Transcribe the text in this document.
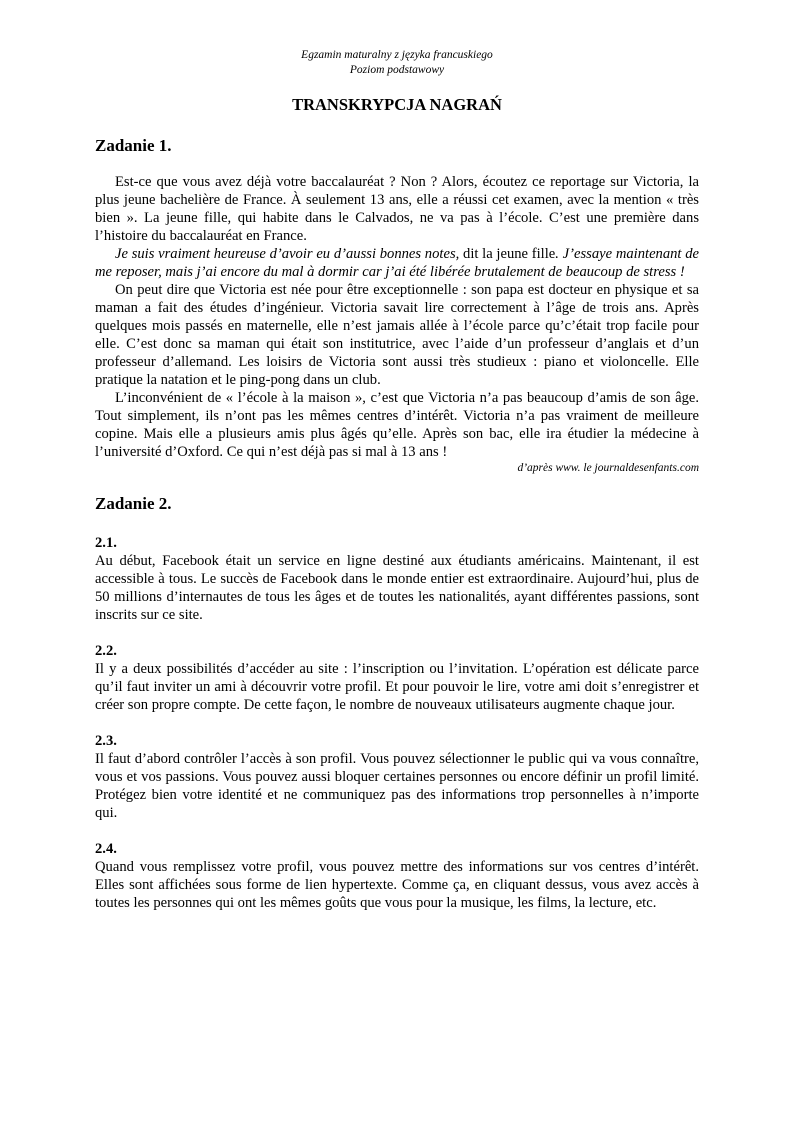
Egzamin maturalny z języka francuskiego
Poziom podstawowy
TRANSKRYPCJA NAGRAŃ
Zadanie 1.

Est-ce que vous avez déjà votre baccalauréat ? Non ? Alors, écoutez ce reportage sur Victoria, la plus jeune bachelière de France. À seulement 13 ans, elle a réussi cet examen, avec la mention « très bien ». La jeune fille, qui habite dans le Calvados, ne va pas à l’école. C’est une première dans l’histoire du baccalauréat en France.

Je suis vraiment heureuse d’avoir eu d’aussi bonnes notes, dit la jeune fille. J’essaye maintenant de me reposer, mais j’ai encore du mal à dormir car j’ai été libérée brutalement de beaucoup de stress !

On peut dire que Victoria est née pour être exceptionnelle : son papa est docteur en physique et sa maman a fait des études d’ingénieur. Victoria savait lire correctement à l’âge de trois ans. Après quelques mois passés en maternelle, elle n’est jamais allée à l’école parce qu’c’était trop facile pour elle. C’est donc sa maman qui était son institutrice, avec l’aide d’un professeur d’anglais et d’un professeur d’allemand. Les loisirs de Victoria sont aussi très studieux : piano et violoncelle. Elle pratique la natation et le ping-pong dans un club.

L’inconvénient de « l’école à la maison », c’est que Victoria n’a pas beaucoup d’amis de son âge. Tout simplement, ils n’ont pas les mêmes centres d’intérêt. Victoria n’a pas vraiment de meilleure copine. Mais elle a plusieurs amis plus âgés qu’elle. Après son bac, elle ira étudier la médecine à l’université d’Oxford. Ce qui n’est déjà pas si mal à 13 ans !

d’après www. le journaldesenfants.com
Zadanie 2.
2.1.

Au début, Facebook était un service en ligne destiné aux étudiants américains. Maintenant, il est accessible à tous. Le succès de Facebook dans le monde entier est extraordinaire. Aujourd’hui, plus de 50 millions d’internautes de tous les âges et de toutes les nationalités, ayant différentes passions, sont inscrits sur ce site.

2.2.

Il y a deux possibilités d’accéder au site : l’inscription ou l’invitation. L’opération est délicate parce qu’il faut inviter un ami à découvrir votre profil. Et pour pouvoir le lire, votre ami doit s’enregistrer et créer son propre compte. De cette façon, le nombre de nouveaux utilisateurs augmente chaque jour.

2.3.

Il faut d’abord contrôler l’accès à son profil. Vous pouvez sélectionner le public qui va vous connaître, vous et vos passions. Vous pouvez aussi bloquer certaines personnes ou encore définir un profil limité. Protégez bien votre identité et ne communiquez pas des informations trop personnelles à n’importe qui.

2.4.

Quand vous remplissez votre profil, vous pouvez mettre des informations sur vos centres d’intérêt. Elles sont affichées sous forme de lien hypertexte. Comme ça, en cliquant dessus, vous avez accès à toutes les personnes qui ont les mêmes goûts que vous pour la musique, les films, la lecture, etc.
